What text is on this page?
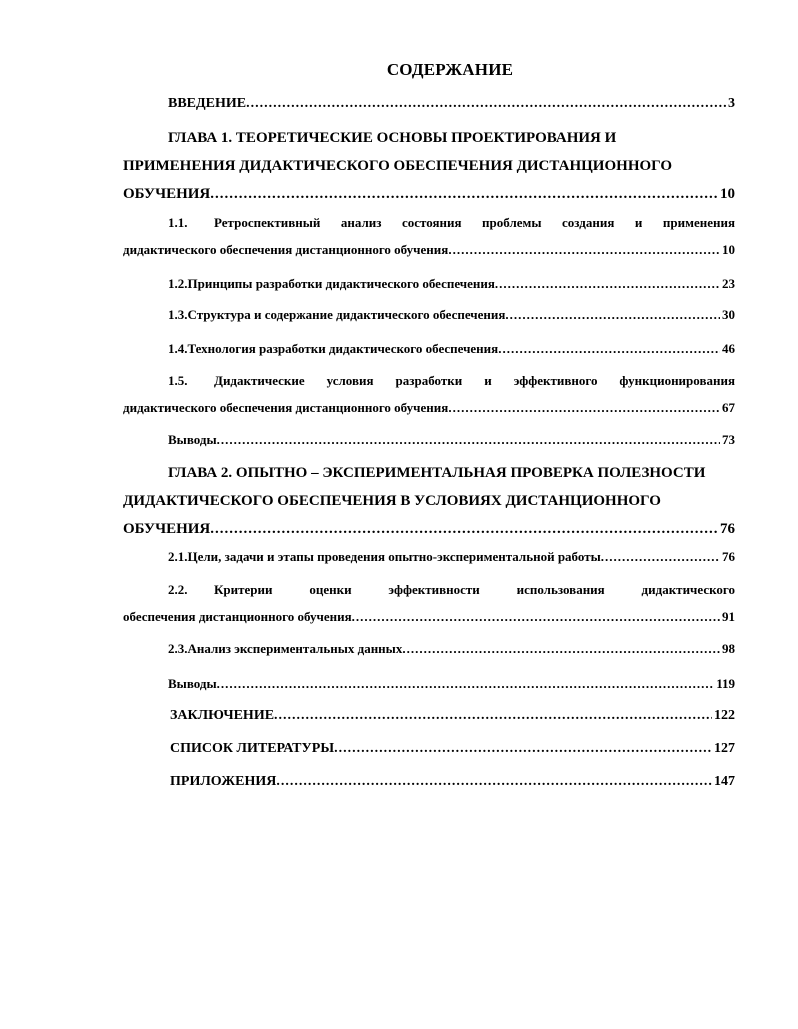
СОДЕРЖАНИЕ
ВВЕДЕНИЕ .....	3
ГЛАВА 1. ТЕОРЕТИЧЕСКИЕ ОСНОВЫ ПРОЕКТИРОВАНИЯ И
ПРИМЕНЕНИЯ ДИДАКТИЧЕСКОГО ОБЕСПЕЧЕНИЯ ДИСТАНЦИОННОГО
ОБУЧЕНИЯ .....	10
1.1.	Ретроспективный анализ состояния проблемы создания и применения
дидактического обеспечения дистанционного обучения .....	10
1.2. Принципы разработки дидактического обеспечения .....	23
1.3. Структура и содержание дидактического обеспечения .....	30
1.4. Технология разработки дидактического обеспечения .....	46
1.5.	Дидактические условия разработки и эффективного функционирования
дидактического обеспечения дистанционного обучения .....	67
Выводы .....	73
ГЛАВА 2. ОПЫТНО – ЭКСПЕРИМЕНТАЛЬНАЯ ПРОВЕРКА ПОЛЕЗНОСТИ
ДИДАКТИЧЕСКОГО ОБЕСПЕЧЕНИЯ В УСЛОВИЯХ ДИСТАНЦИОННОГО
ОБУЧЕНИЯ .....	76
2.1. Цели, задачи и этапы проведения опытно-экспериментальной работы .....	76
2.2.	Критерии оценки эффективности использования дидактического
обеспечения дистанционного обучения .....	91
2.3. Анализ экспериментальных данных .....	98
Выводы .....	119
ЗАКЛЮЧЕНИЕ .....	122
СПИСОК ЛИТЕРАТУРЫ .....	127
ПРИЛОЖЕНИЯ .....	147
